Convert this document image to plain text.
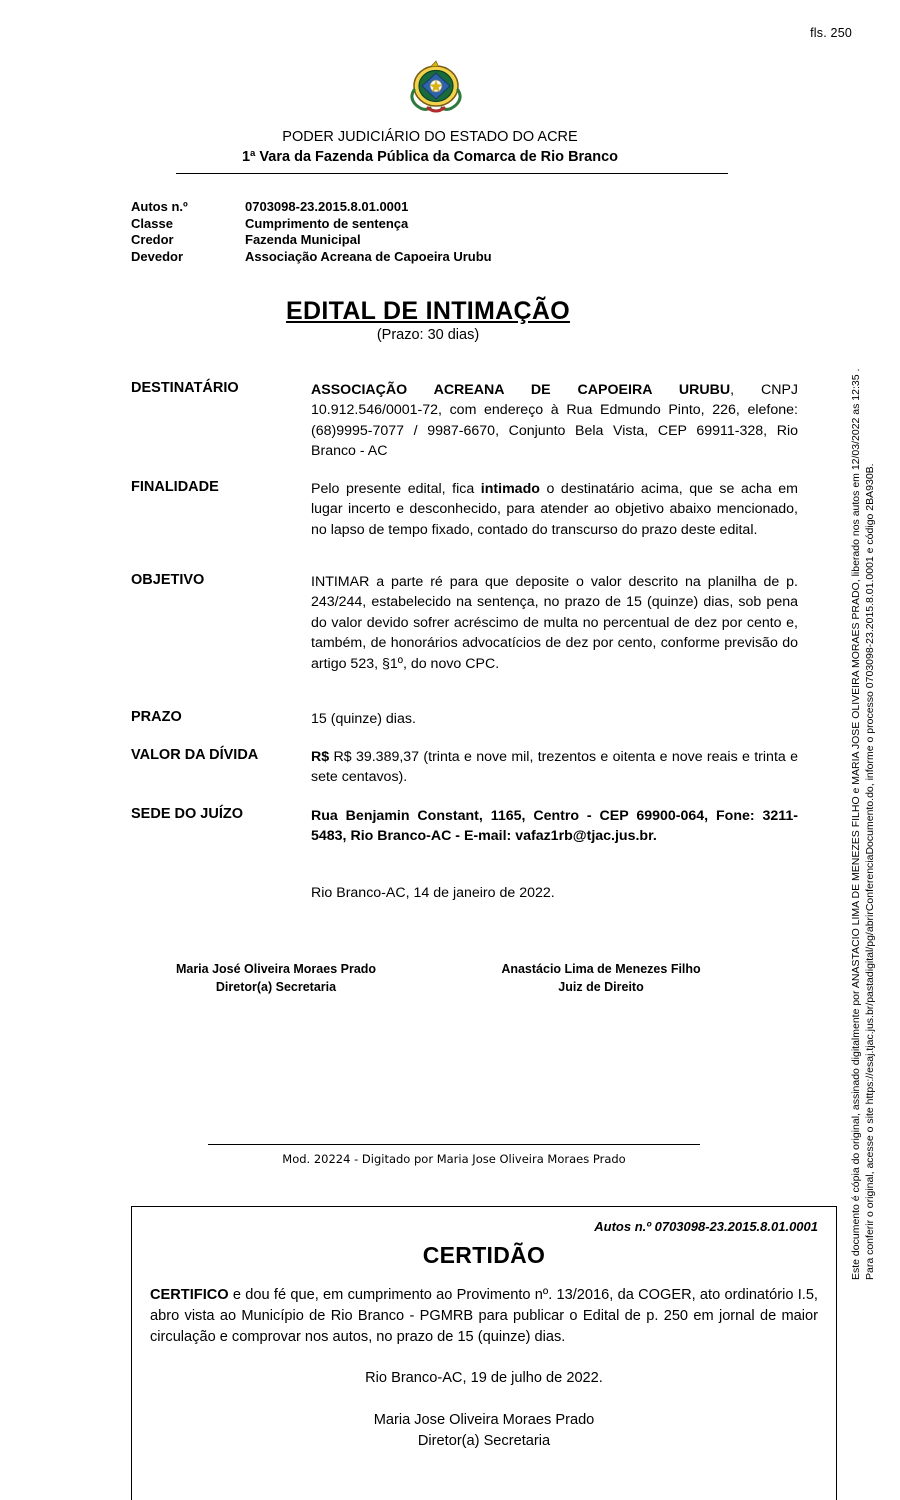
fls. 250
Este documento é cópia do original, assinado digitalmente por ANASTACIO LIMA DE MENEZES FILHO e MARIA JOSE OLIVEIRA MORAES PRADO, liberado nos autos em 12/03/2022 as 12:35 . Para conferir o original, acesse o site https://esaj.tjac.jus.br/pastadigital/pg/abrirConferenciaDocumento.do, informe o processo 0703098-23.2015.8.01.0001 e código 2BA930B.
PODER JUDICIÁRIO DO ESTADO DO ACRE
1ª Vara da Fazenda Pública da Comarca de Rio Branco
Autos n.º	0703098-23.2015.8.01.0001
Classe	Cumprimento de sentença
Credor	Fazenda Municipal
Devedor	Associação Acreana de Capoeira Urubu
EDITAL DE INTIMAÇÃO
(Prazo: 30 dias)
DESTINATÁRIO	ASSOCIAÇÃO ACREANA DE CAPOEIRA URUBU, CNPJ 10.912.546/0001-72, com endereço à Rua Edmundo Pinto, 226, elefone: (68)9995-7077 / 9987-6670, Conjunto Bela Vista, CEP 69911-328, Rio Branco - AC
FINALIDADE	Pelo presente edital, fica intimado o destinatário acima, que se acha em lugar incerto e desconhecido, para atender ao objetivo abaixo mencionado, no lapso de tempo fixado, contado do transcurso do prazo deste edital.
OBJETIVO	INTIMAR a parte ré para que deposite o valor descrito na planilha de p. 243/244, estabelecido na sentença, no prazo de 15 (quinze) dias, sob pena do valor devido sofrer acréscimo de multa no percentual de dez por cento e, também, de honorários advocatícios de dez por cento, conforme previsão do artigo 523, §1º, do novo CPC.
PRAZO	15 (quinze) dias.
VALOR DA DÍVIDA	R$ R$ 39.389,37 (trinta e nove mil, trezentos e oitenta e nove reais e trinta e sete centavos).
SEDE DO JUÍZO	Rua Benjamin Constant, 1165, Centro - CEP 69900-064, Fone: 3211-5483, Rio Branco-AC - E-mail: vafaz1rb@tjac.jus.br.
Rio Branco-AC, 14 de janeiro de 2022.
Maria José Oliveira Moraes Prado
Diretor(a) Secretaria
Anastácio Lima de Menezes Filho
Juiz de Direito
Mod. 20224 - Digitado por Maria Jose Oliveira Moraes Prado
Autos n.º 0703098-23.2015.8.01.0001
CERTIDÃO
CERTIFICO e dou fé que, em cumprimento ao Provimento nº. 13/2016, da COGER, ato ordinatório I.5, abro vista ao Município de Rio Branco - PGMRB para publicar o Edital de p. 250 em jornal de maior circulação e comprovar nos autos, no prazo de 15 (quinze) dias.
Rio Branco-AC, 19 de julho de 2022.
Maria Jose Oliveira Moraes Prado
Diretor(a) Secretaria
